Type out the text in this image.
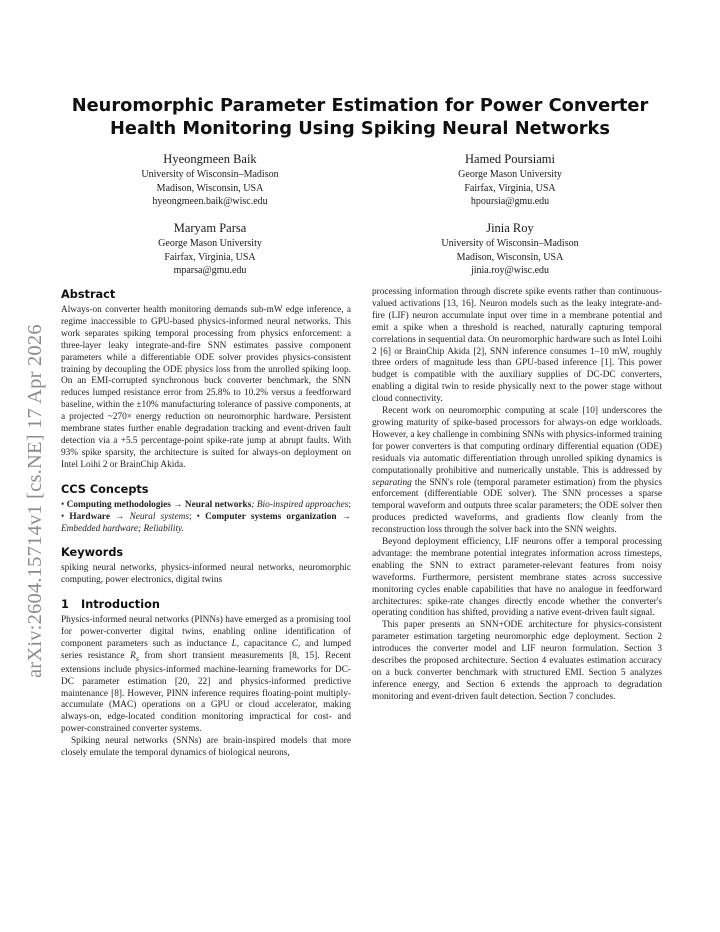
arXiv:2604.15714v1 [cs.NE] 17 Apr 2026
Neuromorphic Parameter Estimation for Power Converter Health Monitoring Using Spiking Neural Networks
Hyeongmeen Baik
University of Wisconsin–Madison
Madison, Wisconsin, USA
hyeongmeen.baik@wisc.edu
Hamed Poursiami
George Mason University
Fairfax, Virginia, USA
hpoursia@gmu.edu
Maryam Parsa
George Mason University
Fairfax, Virginia, USA
mparsa@gmu.edu
Jinia Roy
University of Wisconsin–Madison
Madison, Wisconsin, USA
jinia.roy@wisc.edu
Abstract

Always-on converter health monitoring demands sub-mW edge inference, a regime inaccessible to GPU-based physics-informed neural networks. This work separates spiking temporal processing from physics enforcement: a three-layer leaky integrate-and-fire SNN estimates passive component parameters while a differentiable ODE solver provides physics-consistent training by decoupling the ODE physics loss from the unrolled spiking loop. On an EMI-corrupted synchronous buck converter benchmark, the SNN reduces lumped resistance error from 25.8% to 10.2% versus a feedforward baseline, within the ±10% manufacturing tolerance of passive components, at a projected ~270× energy reduction on neuromorphic hardware. Persistent membrane states further enable degradation tracking and event-driven fault detection via a +5.5 percentage-point spike-rate jump at abrupt faults. With 93% spike sparsity, the architecture is suited for always-on deployment on Intel Loihi 2 or BrainChip Akida.

CCS Concepts

• Computing methodologies → Neural networks; Bio-inspired approaches; • Hardware → Neural systems; • Computer systems organization → Embedded hardware; Reliability.

Keywords

spiking neural networks, physics-informed neural networks, neuromorphic computing, power electronics, digital twins

1 Introduction

Physics-informed neural networks (PINNs) have emerged as a promising tool for power-converter digital twins, enabling online identification of component parameters such as inductance L, capacitance C, and lumped series resistance $R_s$ from short transient measurements [8, 15]. Recent extensions include physics-informed machine-learning frameworks for DC-DC parameter estimation [20, 22] and physics-informed predictive maintenance [8]. However, PINN inference requires floating-point multiply-accumulate (MAC) operations on a GPU or cloud accelerator, making always-on, edge-located condition monitoring impractical for cost- and power-constrained converter systems.

Spiking neural networks (SNNs) are brain-inspired models that more closely emulate the temporal dynamics of biological neurons,

processing information through discrete spike events rather than continuous-valued activations [13, 16]. Neuron models such as the leaky integrate-and-fire (LIF) neuron accumulate input over time in a membrane potential and emit a spike when a threshold is reached, naturally capturing temporal correlations in sequential data. On neuromorphic hardware such as Intel Loihi 2 [6] or BrainChip Akida [2], SNN inference consumes 1–10 mW, roughly three orders of magnitude less than GPU-based inference [1]. This power budget is compatible with the auxiliary supplies of DC-DC converters, enabling a digital twin to reside physically next to the power stage without cloud connectivity.

Recent work on neuromorphic computing at scale [10] underscores the growing maturity of spike-based processors for always-on edge workloads. However, a key challenge in combining SNNs with physics-informed training for power converters is that computing ordinary differential equation (ODE) residuals via automatic differentiation through unrolled spiking dynamics is computationally prohibitive and numerically unstable. This is addressed by separating the SNN's role (temporal parameter estimation) from the physics enforcement (differentiable ODE solver). The SNN processes a sparse temporal waveform and outputs three scalar parameters; the ODE solver then produces predicted waveforms, and gradients flow cleanly from the reconstruction loss through the solver back into the SNN weights.

Beyond deployment efficiency, LIF neurons offer a temporal processing advantage: the membrane potential integrates information across timesteps, enabling the SNN to extract parameter-relevant features from noisy waveforms. Furthermore, persistent membrane states across successive monitoring cycles enable capabilities that have no analogue in feedforward architectures: spike-rate changes directly encode whether the converter's operating condition has shifted, providing a native event-driven fault signal.

This paper presents an SNN+ODE architecture for physics-consistent parameter estimation targeting neuromorphic edge deployment. Section 2 introduces the converter model and LIF neuron formulation. Section 3 describes the proposed architecture. Section 4 evaluates estimation accuracy on a buck converter benchmark with structured EMI. Section 5 analyzes inference energy, and Section 6 extends the approach to degradation monitoring and event-driven fault detection. Section 7 concludes.
